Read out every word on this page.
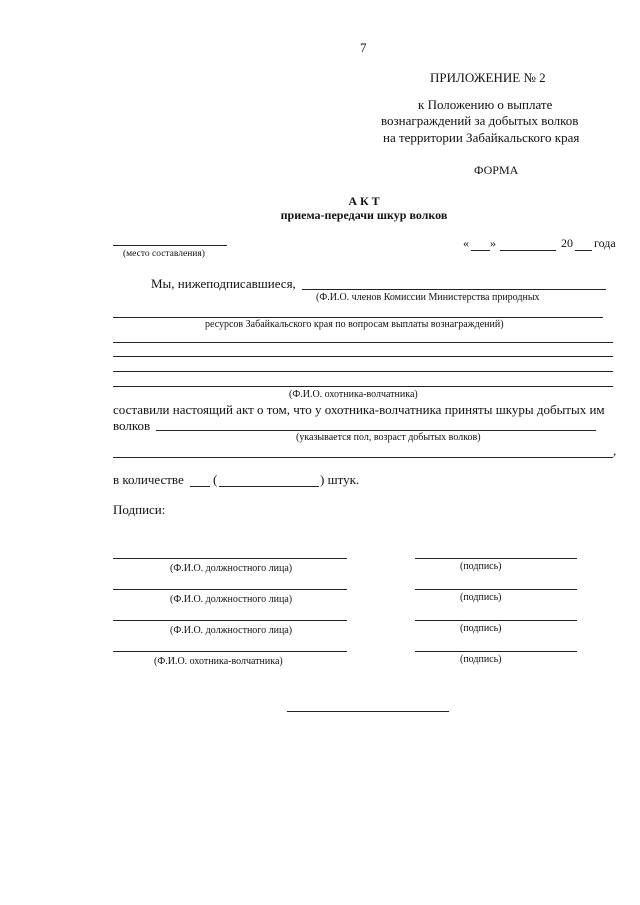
7
ПРИЛОЖЕНИЕ № 2
к Положению о выплате
вознаграждений за добытых волков
на территории Забайкальского края
ФОРМА
А К Т
приема-передачи шкур волков
(место составления)
« »	20 года
Мы, нижеподписавшиеся,
(Ф.И.О. членов Комиссии Министерства природных
ресурсов Забайкальского края по вопросам выплаты вознаграждений)
(Ф.И.О. охотника-волчатника)
составили настоящий акт о том, что у охотника-волчатника приняты шкуры добытых им
волков
(указывается пол, возраст добытых волков)
,
в количестве (	) штук.
Подписи:
(Ф.И.О. должностного лица)	(подпись)
(Ф.И.О. должностного лица)	(подпись)
(Ф.И.О. должностного лица)	(подпись)
(Ф.И.О. охотника-волчатника)	(подпись)
